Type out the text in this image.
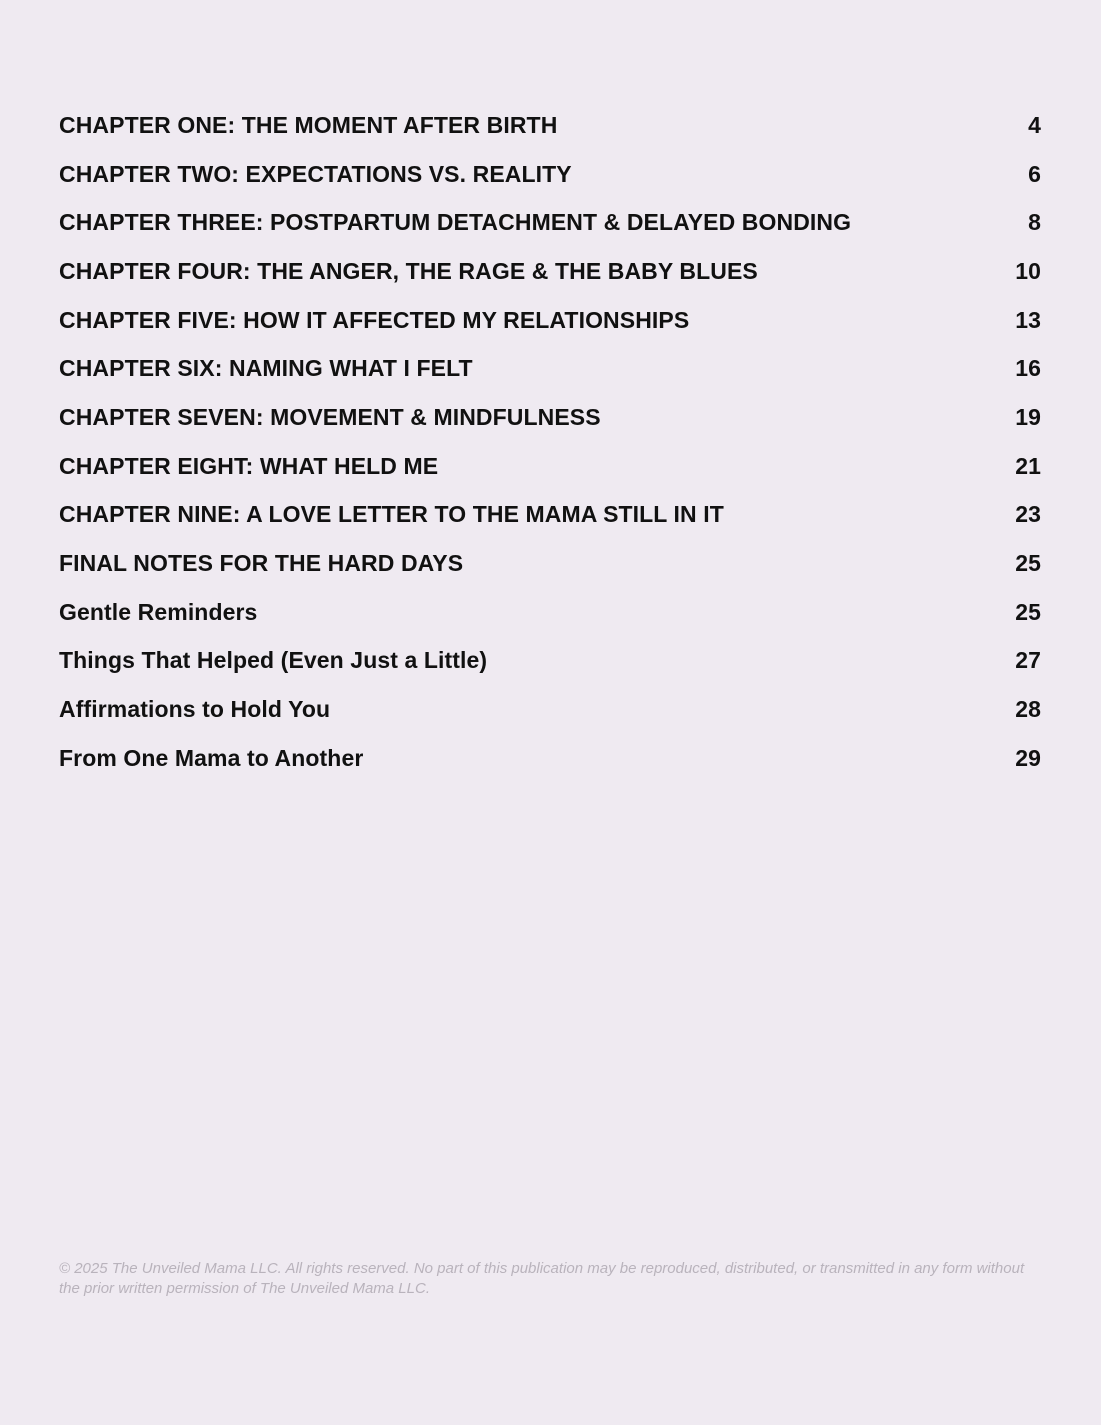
CHAPTER ONE: THE MOMENT AFTER BIRTH	4
CHAPTER TWO: EXPECTATIONS VS. REALITY	6
CHAPTER THREE: POSTPARTUM DETACHMENT & DELAYED BONDING	8
CHAPTER FOUR: THE ANGER, THE RAGE & THE BABY BLUES	10
CHAPTER FIVE: HOW IT AFFECTED MY RELATIONSHIPS	13
CHAPTER SIX: NAMING WHAT I FELT	16
CHAPTER SEVEN: MOVEMENT & MINDFULNESS	19
CHAPTER EIGHT: WHAT HELD ME	21
CHAPTER NINE: A LOVE LETTER TO THE MAMA STILL IN IT	23
FINAL NOTES FOR THE HARD DAYS	25
Gentle Reminders	25
Things That Helped (Even Just a Little)	27
Affirmations to Hold You	28
From One Mama to Another	29

© 2025 The Unveiled Mama LLC. All rights reserved. No part of this publication may be reproduced, distributed, or transmitted in any form without the prior written permission of The Unveiled Mama LLC.
